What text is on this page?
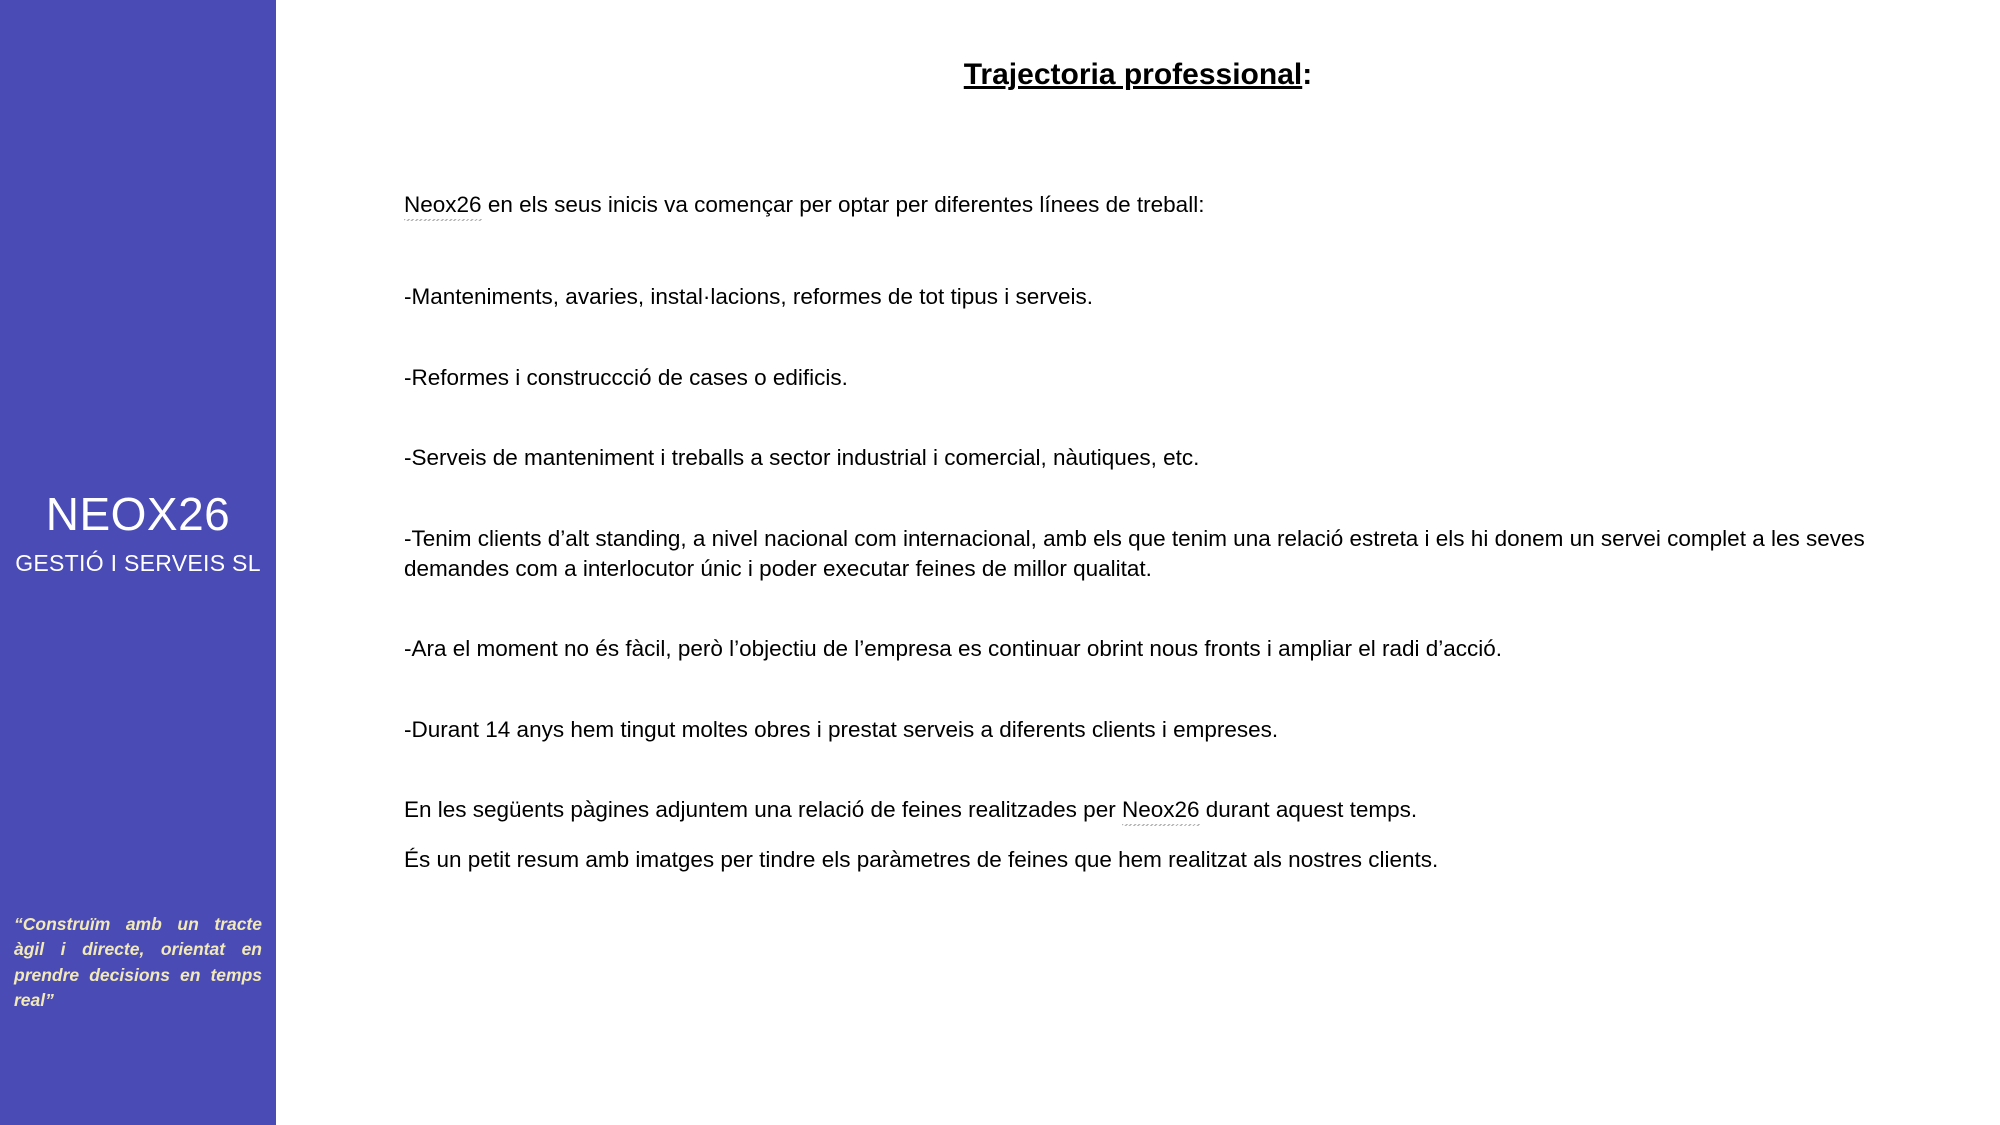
NEOX26
GESTIÓ I SERVEIS SL
“Construïm amb un tracte àgil i directe, orientat en prendre decisions en temps real”
Trajectoria professional:

Neox26 en els seus inicis va començar per optar per diferentes línees de treball:

-Manteniments, avaries, instal·lacions, reformes de tot tipus i serveis.

-Reformes i construccció de cases o edificis.

-Serveis de manteniment i treballs a sector industrial i comercial, nàutiques, etc.

-Tenim clients d’alt standing, a nivel nacional com internacional, amb els que tenim una relació estreta i els hi donem un servei complet a les seves demandes com a interlocutor únic i poder executar feines de millor qualitat.

-Ara el moment no és fàcil, però l’objectiu de l’empresa es continuar obrint nous fronts i ampliar el radi d’acció.

-Durant 14 anys hem tingut moltes obres i prestat serveis a diferents clients i empreses.

En les següents pàgines adjuntem una relació de feines realitzades per Neox26 durant aquest temps.

És un petit resum amb imatges per tindre els paràmetres de feines que hem realitzat als nostres clients.
